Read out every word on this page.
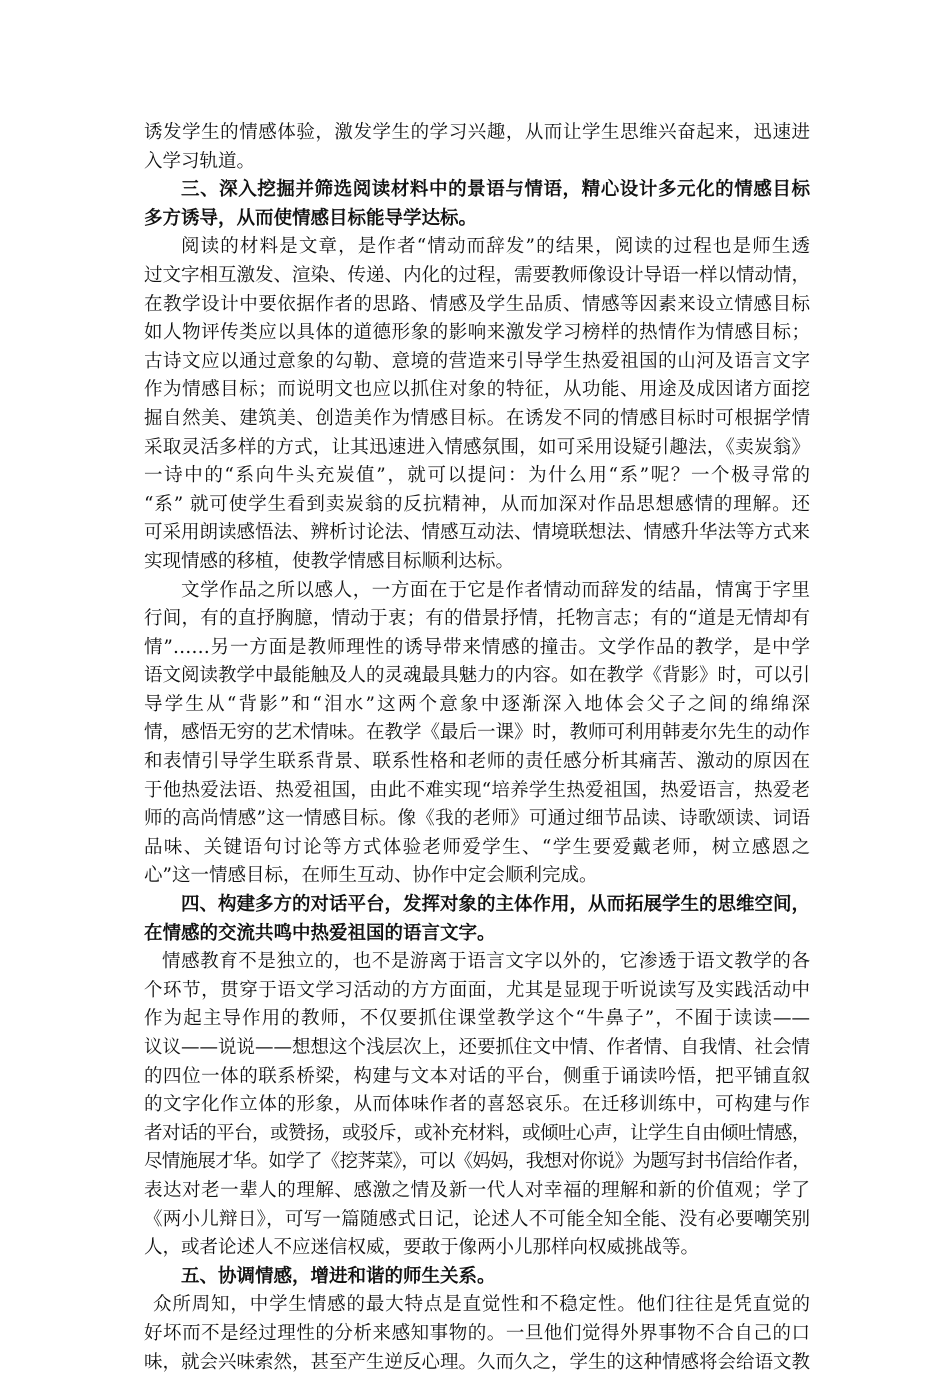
诱发学生的情感体验，激发学生的学习兴趣，从而让学生思维兴奋起来，迅速进
入学习轨道。
三、深入挖掘并筛选阅读材料中的景语与情语，精心设计多元化的情感目标
多方诱导，从而使情感目标能导学达标。
阅读的材料是文章，是作者“情动而辞发”的结果，阅读的过程也是师生透
过文字相互激发、渲染、传递、内化的过程，需要教师像设计导语一样以情动情，
在教学设计中要依据作者的思路、情感及学生品质、情感等因素来设立情感目标
如人物评传类应以具体的道德形象的影响来激发学习榜样的热情作为情感目标；
古诗文应以通过意象的勾勒、意境的营造来引导学生热爱祖国的山河及语言文字
作为情感目标；而说明文也应以抓住对象的特征，从功能、用途及成因诸方面挖
掘自然美、建筑美、创造美作为情感目标。在诱发不同的情感目标时可根据学情
采取灵活多样的方式，让其迅速进入情感氛围，如可采用设疑引趣法，《卖炭翁》
一诗中的“系向牛头充炭值”，就可以提问：为什么用“系”呢？一个极寻常的
“系” 就可使学生看到卖炭翁的反抗精神，从而加深对作品思想感情的理解。还
可采用朗读感悟法、辨析讨论法、情感互动法、情境联想法、情感升华法等方式来
实现情感的移植，使教学情感目标顺利达标。
文学作品之所以感人，一方面在于它是作者情动而辞发的结晶，情寓于字里
行间，有的直抒胸臆，情动于衷；有的借景抒情，托物言志；有的“道是无情却有
情”……另一方面是教师理性的诱导带来情感的撞击。文学作品的教学，是中学
语文阅读教学中最能触及人的灵魂最具魅力的内容。如在教学《背影》时，可以引
导学生从“背影”和“泪水”这两个意象中逐渐深入地体会父子之间的绵绵深
情，感悟无穷的艺术情味。在教学《最后一课》时，教师可利用韩麦尔先生的动作
和表情引导学生联系背景、联系性格和老师的责任感分析其痛苦、激动的原因在
于他热爱法语、热爱祖国，由此不难实现“培养学生热爱祖国，热爱语言，热爱老
师的高尚情感”这一情感目标。像《我的老师》可通过细节品读、诗歌颂读、词语
品味、关键语句讨论等方式体验老师爱学生、“学生要爱戴老师，树立感恩之
心”这一情感目标，在师生互动、协作中定会顺利完成。
四、构建多方的对话平台，发挥对象的主体作用，从而拓展学生的思维空间，
在情感的交流共鸣中热爱祖国的语言文字。
情感教育不是独立的，也不是游离于语言文字以外的，它渗透于语文教学的各
个环节，贯穿于语文学习活动的方方面面，尤其是显现于听说读写及实践活动中
作为起主导作用的教师，不仅要抓住课堂教学这个“牛鼻子”，不囿于读读——
议议——说说——想想这个浅层次上，还要抓住文中情、作者情、自我情、社会情
的四位一体的联系桥梁，构建与文本对话的平台，侧重于诵读吟悟，把平铺直叙
的文字化作立体的形象，从而体味作者的喜怒哀乐。在迁移训练中，可构建与作
者对话的平台，或赞扬，或驳斥，或补充材料，或倾吐心声，让学生自由倾吐情感，
尽情施展才华。如学了《挖荠菜》，可以《妈妈，我想对你说》为题写封书信给作者，
表达对老一辈人的理解、感激之情及新一代人对幸福的理解和新的价值观；学了
《两小儿辩日》，可写一篇随感式日记，论述人不可能全知全能、没有必要嘲笑别
人，或者论述人不应迷信权威，要敢于像两小儿那样向权威挑战等。
五、协调情感，增进和谐的师生关系。
众所周知，中学生情感的最大特点是直觉性和不稳定性。他们往往是凭直觉的
好坏而不是经过理性的分析来感知事物的。一旦他们觉得外界事物不合自己的口
味，就会兴味索然，甚至产生逆反心理。久而久之，学生的这种情感将会给语文教
